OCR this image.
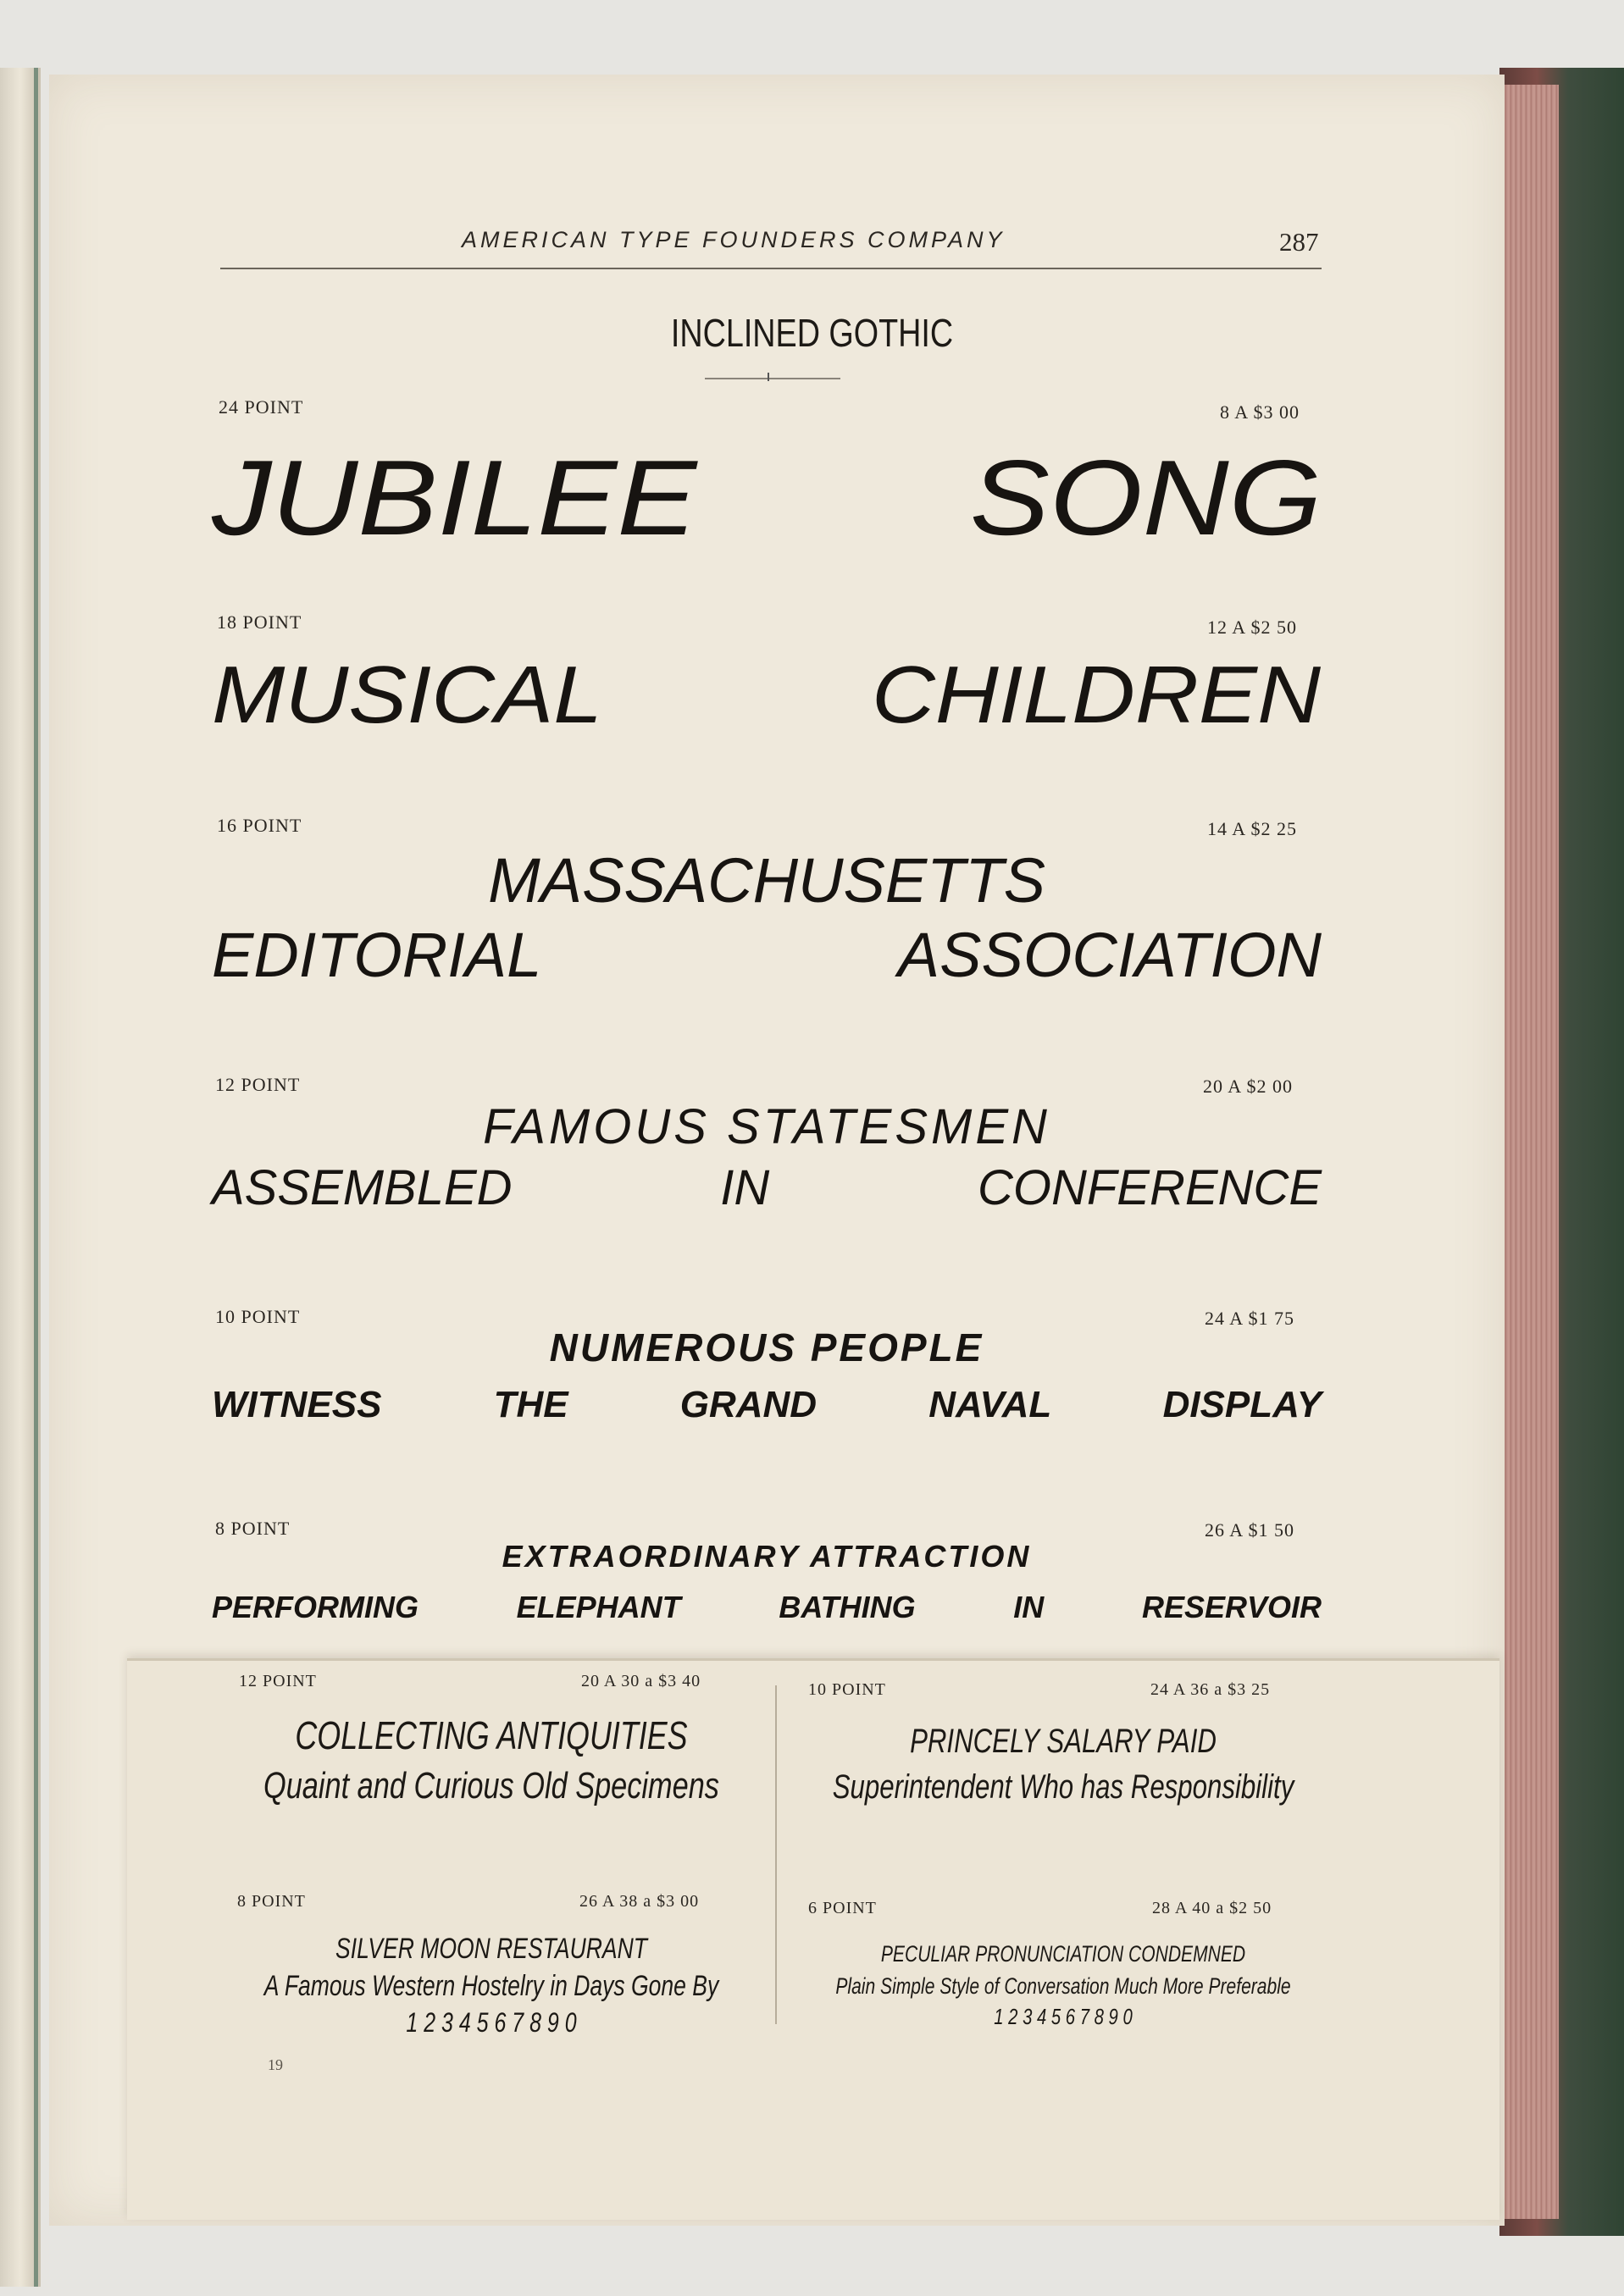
AMERICAN TYPE FOUNDERS COMPANY	287
INCLINED GOTHIC
24 POINT	8 A $3 00
JUBILEE SONG
18 POINT	12 A $2 50
MUSICAL CHILDREN
16 POINT	14 A $2 25
MASSACHUSETTS
EDITORIAL ASSOCIATION
12 POINT	20 A $2 00
FAMOUS STATESMEN
ASSEMBLED IN CONFERENCE
10 POINT	24 A $1 75
NUMEROUS PEOPLE
WITNESS THE GRAND NAVAL DISPLAY
8 POINT	26 A $1 50
EXTRAORDINARY ATTRACTION
PERFORMING ELEPHANT BATHING IN RESERVOIR
12 POINT	20 A 30 a $3 40
COLLECTING ANTIQUITIES
Quaint and Curious Old Specimens
10 POINT	24 A 36 a $3 25
PRINCELY SALARY PAID
Superintendent Who has Responsibility
8 POINT	26 A 38 a $3 00
SILVER MOON RESTAURANT
A Famous Western Hostelry in Days Gone By
1 2 3 4 5 6 7 8 9 0
6 POINT	28 A 40 a $2 50
PECULIAR PRONUNCIATION CONDEMNED
Plain Simple Style of Conversation Much More Preferable
1 2 3 4 5 6 7 8 9 0
19
